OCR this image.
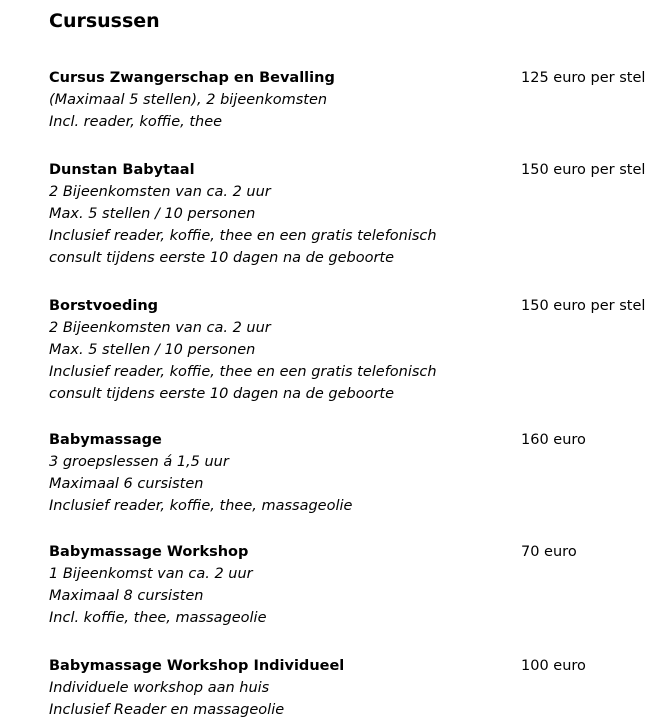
Cursussen
Cursus Zwangerschap en Bevalling	125 euro per stel
(Maximaal 5 stellen), 2 bijeenkomsten
Incl. reader, koffie, thee
Dunstan Babytaal	150 euro per stel
2 Bijeenkomsten van ca. 2 uur
Max. 5 stellen / 10 personen
Inclusief reader, koffie, thee en een gratis telefonisch
consult tijdens eerste 10 dagen na de geboorte
Borstvoeding	150 euro per stel
2 Bijeenkomsten van ca. 2 uur
Max. 5 stellen / 10 personen
Inclusief reader, koffie, thee en een gratis telefonisch
consult tijdens eerste 10 dagen na de geboorte
Babymassage	160 euro
3 groepslessen á 1,5 uur
Maximaal 6 cursisten
Inclusief reader, koffie, thee, massageolie
Babymassage Workshop	70 euro
1 Bijeenkomst van ca. 2 uur
Maximaal 8 cursisten
Incl. koffie, thee, massageolie
Babymassage Workshop Individueel	100 euro
Individuele workshop aan huis
Inclusief Reader en massageolie
